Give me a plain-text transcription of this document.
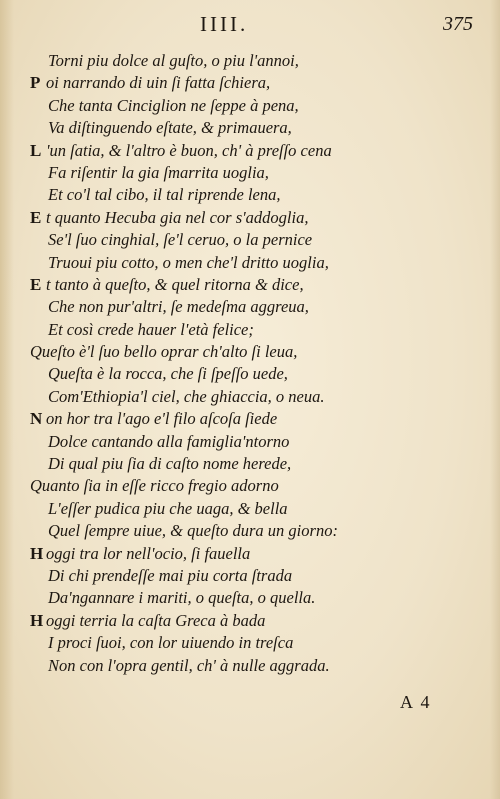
IIII.	375
Torni piu dolce al guſto, o piu l'annoi,
P oi narrando di uin ſi fatta ſchiera,
Che tanta Cinciglion ne ſeppe à pena,
Va diſtinguendo eſtate, & primauera,
L 'un ſatia, & l'altro è buon, ch' à preſſo cena
Fa riſentir la gia ſmarrita uoglia,
Et co'l tal cibo, il tal riprende lena,
E t quanto Hecuba gia nel cor s'addoglia,
Se'l ſuo cinghial, ſe'l ceruo, o la pernice
Truoui piu cotto, o men che'l dritto uoglia,
E t tanto à queſto, & quel ritorna & dice,
Che non pur'altri, ſe medeſma aggreua,
Et così crede hauer l'età felice;
Queſto è'l ſuo bello oprar ch'alto ſi leua,
Queſta è la rocca, che ſi ſpeſſo uede,
Com'Ethiopia'l ciel, che ghiaccia, o neua.
N on hor tra l'ago e'l filo aſcoſa ſiede
Dolce cantando alla famiglia'ntorno
Di qual piu ſia di caſto nome herede,
Quanto ſia in eſſe ricco fregio adorno
L'eſſer pudica piu che uaga, & bella
Quel ſempre uiue, & queſto dura un giorno:
H oggi tra lor nell'ocio, ſi fauella
Di chi prendeſſe mai piu corta ſtrada
Da'ngannare i mariti, o queſta, o quella.
H oggi terria la caſta Greca à bada
I proci ſuoi, con lor uiuendo in treſca
Non con l'opra gentil, ch' à nulle aggrada.
A 4
